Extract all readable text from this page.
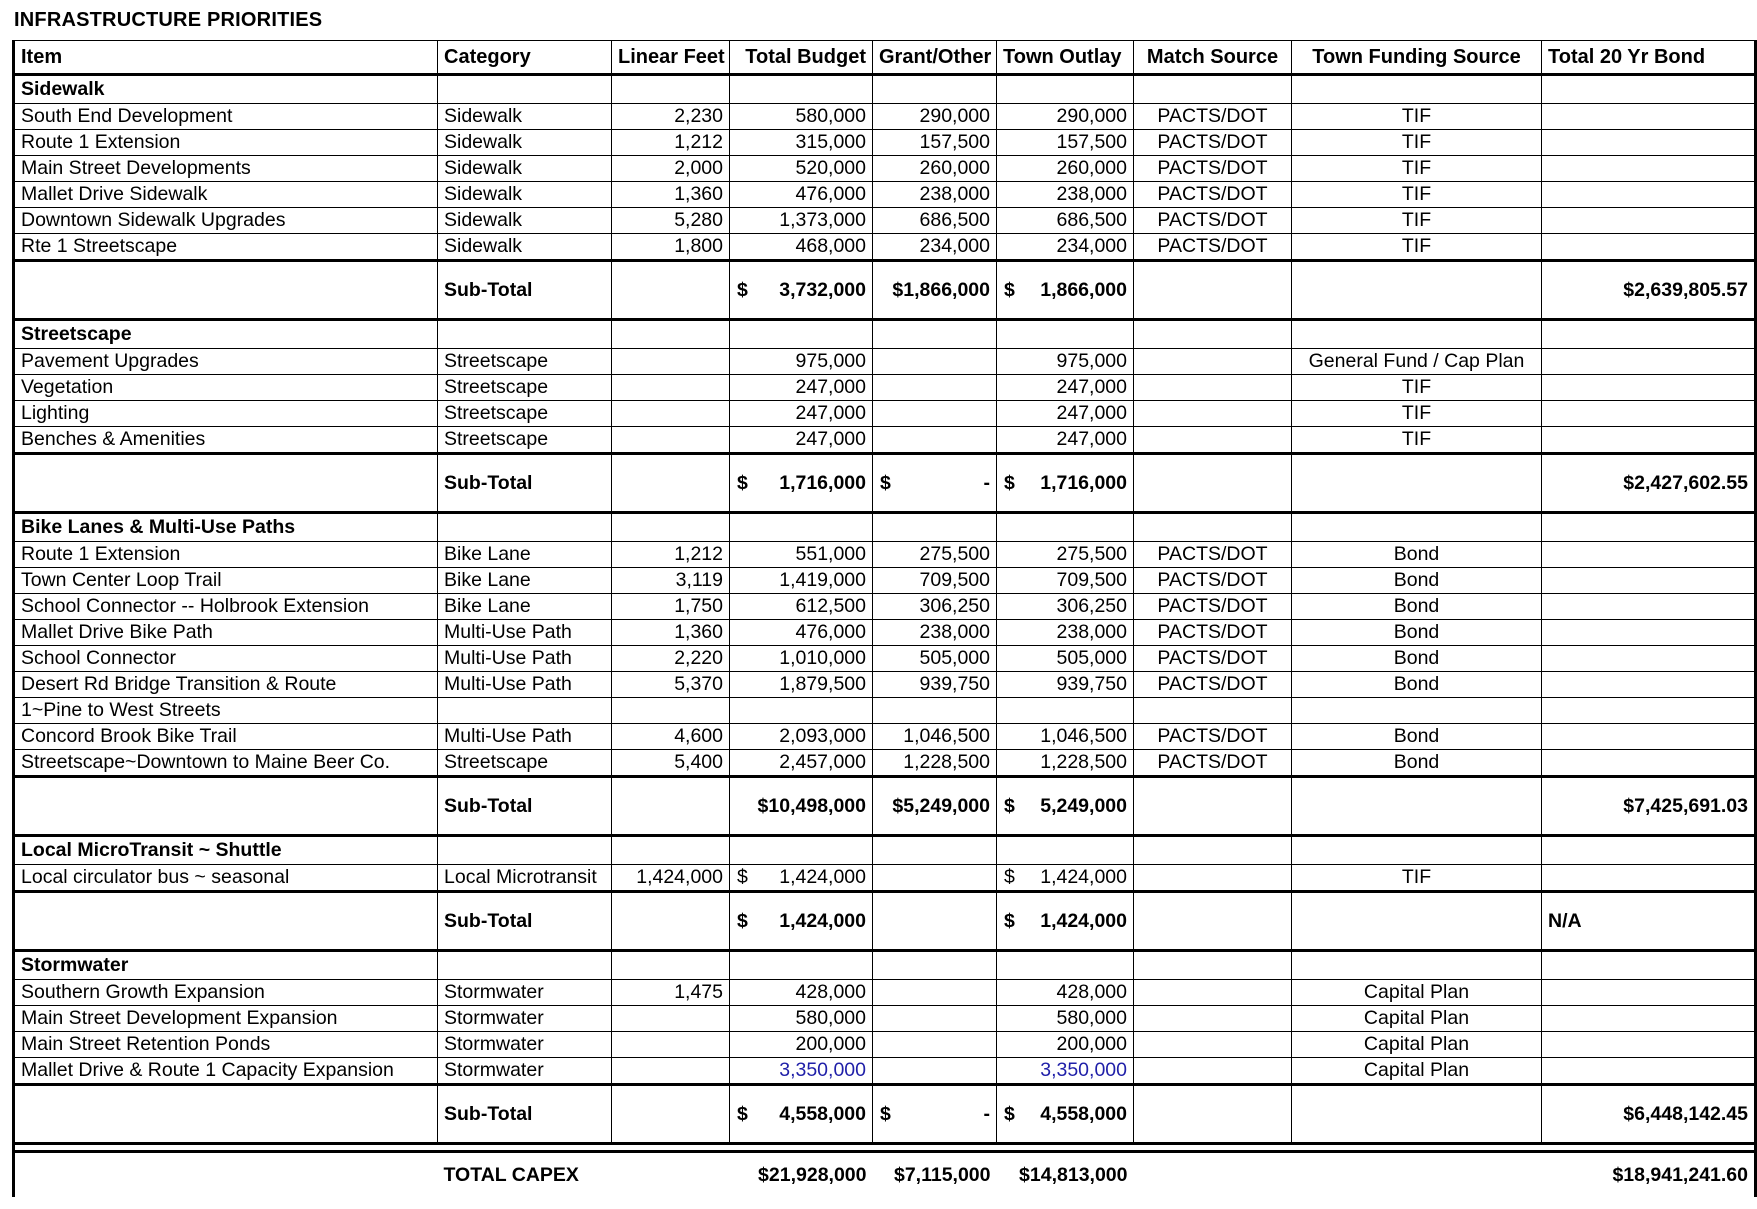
INFRASTRUCTURE PRIORITIES
Item	Category	Linear Feet	Total Budget	Grant/Other	Town Outlay	Match Source	Town Funding Source	Total 20 Yr Bond
Sidewalk								
South End Development	Sidewalk	2,230	580,000	290,000	290,000	PACTS/DOT	TIF	
Route 1 Extension	Sidewalk	1,212	315,000	157,500	157,500	PACTS/DOT	TIF	
Main Street Developments	Sidewalk	2,000	520,000	260,000	260,000	PACTS/DOT	TIF	
Mallet Drive Sidewalk	Sidewalk	1,360	476,000	238,000	238,000	PACTS/DOT	TIF	
Downtown Sidewalk Upgrades	Sidewalk	5,280	1,373,000	686,500	686,500	PACTS/DOT	TIF	
Rte 1 Streetscape	Sidewalk	1,800	468,000	234,000	234,000	PACTS/DOT	TIF	
	Sub-Total		$ 3,732,000	$1,866,000	$ 1,866,000			$2,639,805.57
Streetscape								
Pavement Upgrades	Streetscape		975,000		975,000		General Fund / Cap Plan	
Vegetation	Streetscape		247,000		247,000		TIF	
Lighting	Streetscape		247,000		247,000		TIF	
Benches & Amenities	Streetscape		247,000		247,000		TIF	
	Sub-Total		$ 1,716,000	$ -	$ 1,716,000			$2,427,602.55
Bike Lanes & Multi-Use Paths								
Route 1 Extension	Bike Lane	1,212	551,000	275,500	275,500	PACTS/DOT	Bond	
Town Center Loop Trail	Bike Lane	3,119	1,419,000	709,500	709,500	PACTS/DOT	Bond	
School Connector -- Holbrook Extension	Bike Lane	1,750	612,500	306,250	306,250	PACTS/DOT	Bond	
Mallet Drive Bike Path	Multi-Use Path	1,360	476,000	238,000	238,000	PACTS/DOT	Bond	
School Connector	Multi-Use Path	2,220	1,010,000	505,000	505,000	PACTS/DOT	Bond	
Desert Rd Bridge Transition & Route	Multi-Use Path	5,370	1,879,500	939,750	939,750	PACTS/DOT	Bond	
1~Pine to West Streets								
Concord Brook Bike Trail	Multi-Use Path	4,600	2,093,000	1,046,500	1,046,500	PACTS/DOT	Bond	
Streetscape~Downtown to Maine Beer Co.	Streetscape	5,400	2,457,000	1,228,500	1,228,500	PACTS/DOT	Bond	
	Sub-Total		$10,498,000	$5,249,000	$ 5,249,000			$7,425,691.03
Local MicroTransit ~ Shuttle								
Local circulator bus ~ seasonal	Local Microtransit	1,424,000	$ 1,424,000		$ 1,424,000		TIF	
	Sub-Total		$ 1,424,000		$ 1,424,000			N/A
Stormwater								
Southern Growth Expansion	Stormwater	1,475	428,000		428,000		Capital Plan	
Main Street Development Expansion	Stormwater		580,000		580,000		Capital Plan	
Main Street Retention Ponds	Stormwater		200,000		200,000		Capital Plan	
Mallet Drive & Route 1 Capacity Expansion	Stormwater		3,350,000		3,350,000		Capital Plan	
	Sub-Total		$ 4,558,000	$ -	$ 4,558,000			$6,448,142.45

	TOTAL CAPEX		$21,928,000	$7,115,000	$14,813,000			$18,941,241.60
